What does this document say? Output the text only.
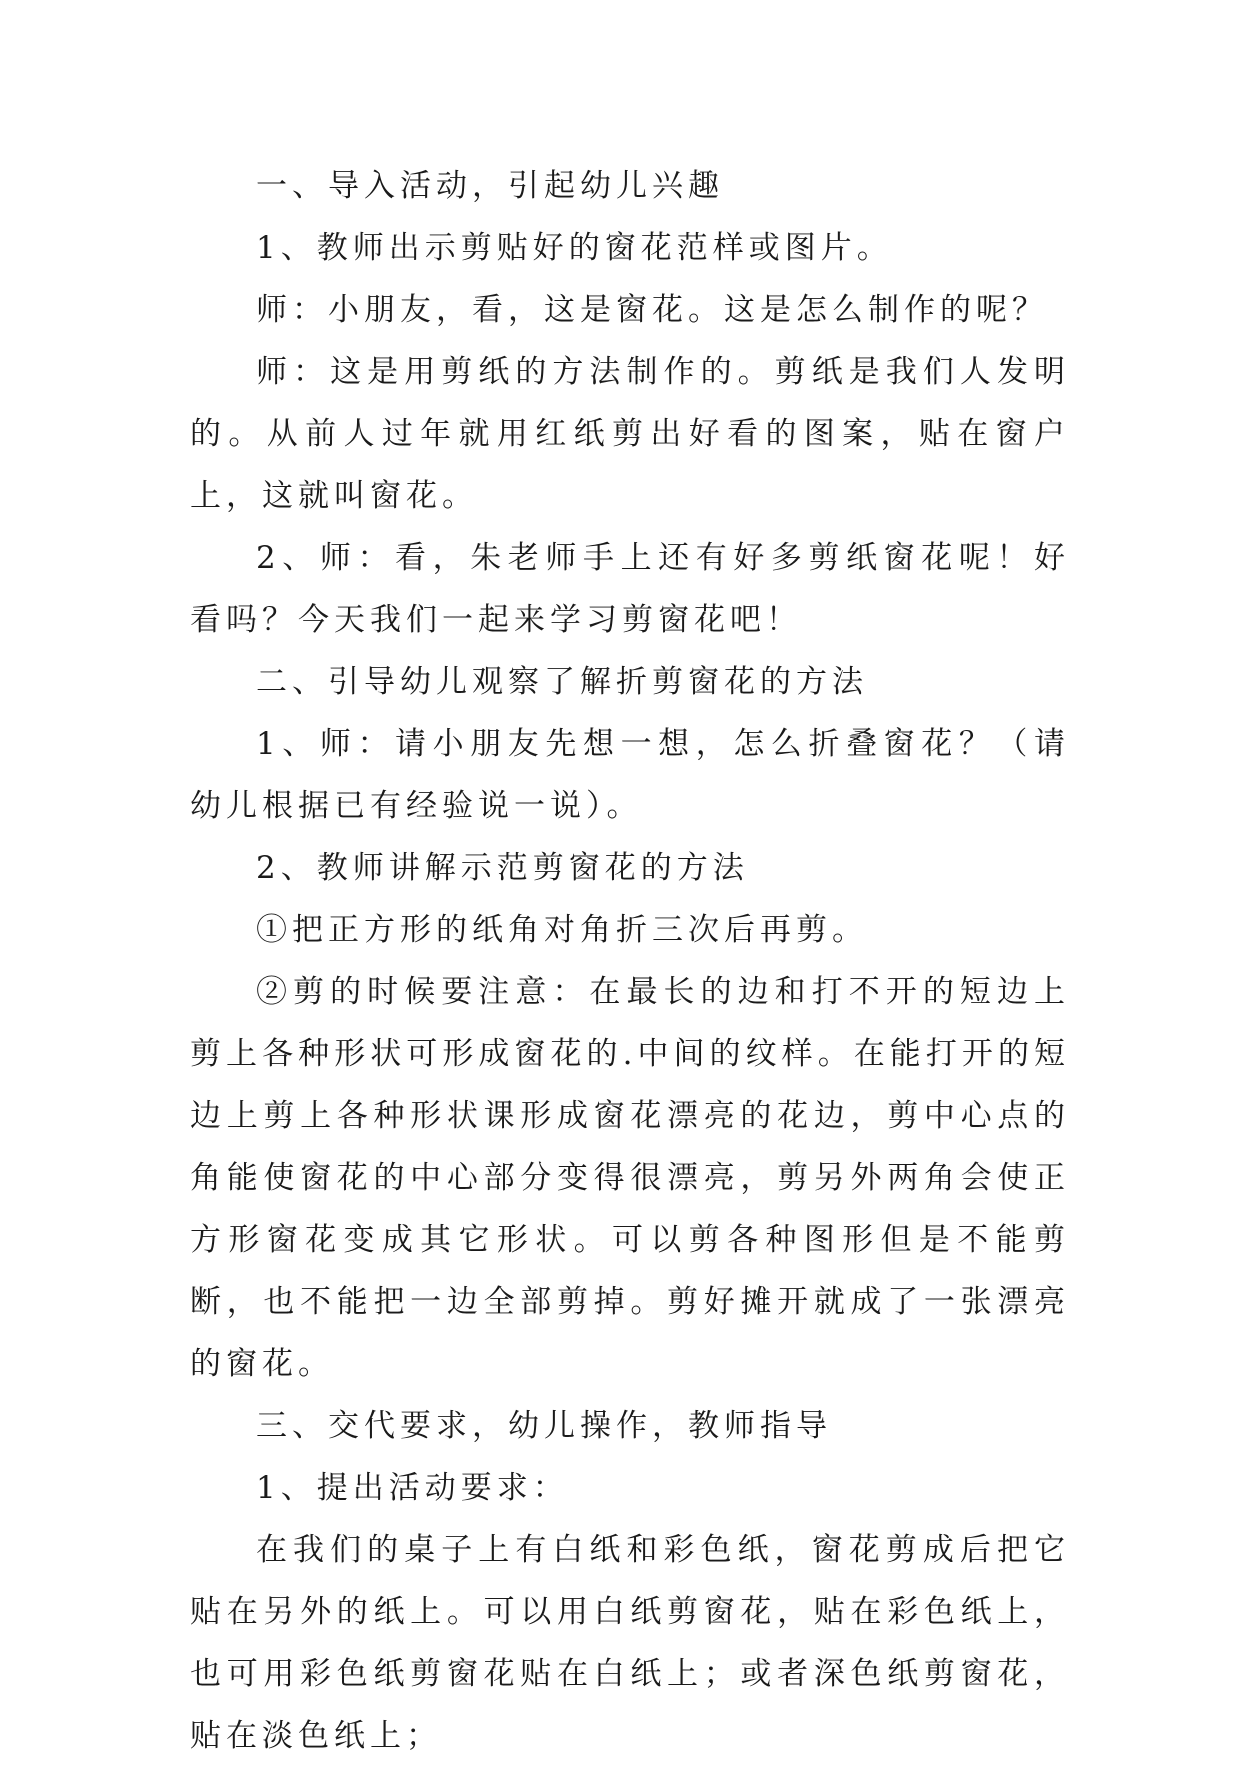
一、导入活动，引起幼儿兴趣

1、教师出示剪贴好的窗花范样或图片。

师：小朋友，看，这是窗花。这是怎么制作的呢？

师：这是用剪纸的方法制作的。剪纸是我们人发明的。从前人过年就用红纸剪出好看的图案，贴在窗户上，这就叫窗花。

2、师：看，朱老师手上还有好多剪纸窗花呢！好看吗？今天我们一起来学习剪窗花吧！

二、引导幼儿观察了解折剪窗花的方法

1、师：请小朋友先想一想，怎么折叠窗花？（请幼儿根据已有经验说一说）。

2、教师讲解示范剪窗花的方法

①把正方形的纸角对角折三次后再剪。

②剪的时候要注意：在最长的边和打不开的短边上剪上各种形状可形成窗花的.中间的纹样。在能打开的短边上剪上各种形状课形成窗花漂亮的花边，剪中心点的角能使窗花的中心部分变得很漂亮，剪另外两角会使正方形窗花变成其它形状。可以剪各种图形但是不能剪断，也不能把一边全部剪掉。剪好摊开就成了一张漂亮的窗花。

三、交代要求，幼儿操作，教师指导

1、提出活动要求：

在我们的桌子上有白纸和彩色纸，窗花剪成后把它贴在另外的纸上。可以用白纸剪窗花，贴在彩色纸上，也可用彩色纸剪窗花贴在白纸上；或者深色纸剪窗花，贴在淡色纸上；
